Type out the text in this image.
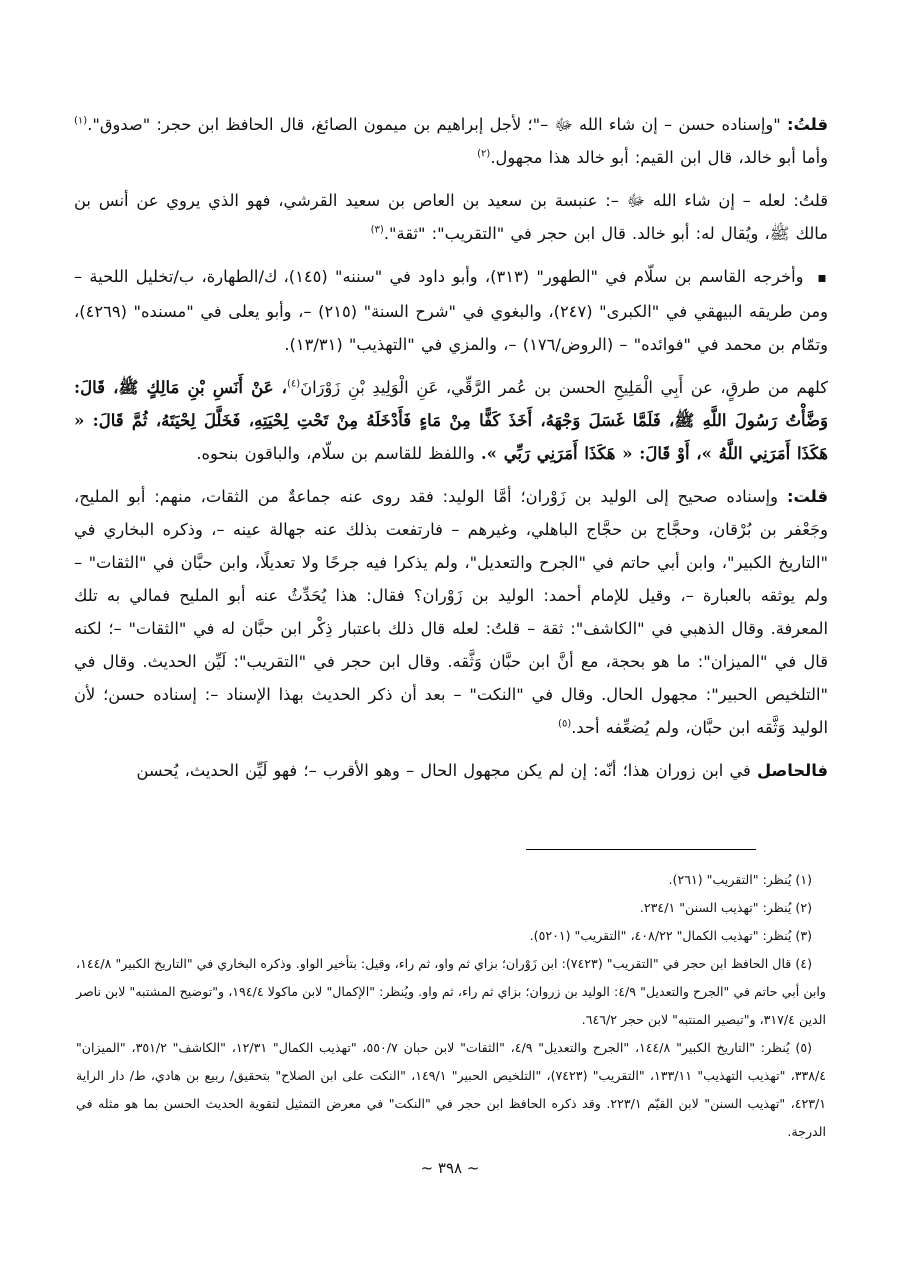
قلتُ: "وإسناده حسن – إن شاء الله ﷻ –"؛ لأجل إبراهيم بن ميمون الصائغ، قال الحافظ ابن حجر: "صدوق".$^{(١)}$ وأما أبو خالد، قال ابن القيم: أبو خالد هذا مجهول.$^{(٢)}$

قلتُ: لعله – إن شاء الله ﷻ –: عنبسة بن سعيد بن العاص بن سعيد القرشي، فهو الذي يروي عن أنس بن مالك ﷺ، ويُقال له: أبو خالد. قال ابن حجر في "التقريب": "ثقة".$^{(٣)}$

▪ وأخرجه القاسم بن سلّام في "الطهور" (٣١٣)، وأبو داود في "سننه" (١٤٥)، ك/الطهارة، ب/تخليل اللحية – ومن طريقه البيهقي في "الكبرى" (٢٤٧)، والبغوي في "شرح السنة" (٢١٥) –، وأبو يعلى في "مسنده" (٤٢٦٩)، وتمّام بن محمد في "فوائده" – (الروض/١٧٦) –، والمزي في "التهذيب" (١٣/٣١).

كلهم من طرقٍ، عن أَبِي الْمَلِيحِ الحسن بن عُمر الرَّقِّي، عَنِ الْوَلِيدِ بْنِ زَوْرَانَ$^{(٤)}$، عَنْ أَنَسِ بْنِ مَالِكٍ ﷺ، قَالَ: وَضَّأْتُ رَسُولَ اللَّهِ ﷺ، فَلَمَّا غَسَلَ وَجْهَهُ، أَخَذَ كَفًّا مِنْ مَاءٍ فَأَدْخَلَهُ مِنْ تَحْتِ لِحْيَتِهِ، فَخَلَّلَ لِحْيَتَهُ، ثُمَّ قَالَ: « هَكَذَا أَمَرَنِي اللَّهُ »، أَوْ قَالَ: « هَكَذَا أَمَرَنِي رَبِّي ». واللفظ للقاسم بن سلّام، والباقون بنحوه.

قلت: وإسناده صحيح إلى الوليد بن زَوْران؛ أمَّا الوليد: فقد روى عنه جماعةٌ من الثقات، منهم: أبو المليح، وجَعْفر بن بُرْقان، وحجَّاج بن حجَّاج الباهلي، وغيرهم – فارتفعت بذلك عنه جهالة عينه –، وذكره البخاري في "التاريخ الكبير"، وابن أبي حاتم في "الجرح والتعديل"، ولم يذكرا فيه جرحًا ولا تعديلًا، وابن حبَّان في "الثقات" – ولم يوثقه بالعبارة –، وقيل للإمام أحمد: الوليد بن زَوْران؟ فقال: هذا يُحَدِّثُ عنه أبو المليح فمالي به تلك المعرفة. وقال الذهبي في "الكاشف": ثقة – قلتُ: لعله قال ذلك باعتبار ذِكْر ابن حبَّان له في "الثقات" –؛ لكنه قال في "الميزان": ما هو بحجة، مع أنَّ ابن حبَّان وَثَّقه. وقال ابن حجر في "التقريب": لَيِّن الحديث. وقال في "التلخيص الحبير": مجهول الحال. وقال في "النكت" – بعد أن ذكر الحديث بهذا الإسناد –: إسناده حسن؛ لأن الوليد وَثَّقه ابن حبَّان، ولم يُضعِّفه أحد.$^{(٥)}$

فالحاصل في ابن زوران هذا؛ أنّه: إن لم يكن مجهول الحال – وهو الأقرب –؛ فهو لَيِّن الحديث، يُحسن

(١) يُنظر: "التقريب" (٢٦١).

(٢) يُنظر: "تهذيب السنن" ٢٣٤/١.

(٣) يُنظر: "تهذيب الكمال" ٤٠٨/٢٢، "التقريب" (٥٢٠١).

(٤) قال الحافظ ابن حجر في "التقريب" (٧٤٢٣): ابن زَوْران؛ بزاي ثم واو، ثم راء، وقيل: بتأخير الواو. وذكره البخاري في "التاريخ الكبير" ١٤٤/٨، وابن أبي حاتم في "الجرح والتعديل" ٤/٩: الوليد بن زروان؛ بزاي ثم راء، ثم واو. ويُنظر: "الإكمال" لابن ماكولا ١٩٤/٤، و"توضيح المشتبه" لابن ناصر الدين ٣١٧/٤، و"تبصير المنتبه" لابن حجر ٦٤٦/٢.

(٥) يُنظر: "التاريخ الكبير" ١٤٤/٨، "الجرح والتعديل" ٤/٩، "الثقات" لابن حبان ٥٥٠/٧، "تهذيب الكمال" ١٢/٣١، "الكاشف" ٣٥١/٢، "الميزان" ٣٣٨/٤، "تهذيب التهذيب" ١٣٣/١١، "التقريب" (٧٤٢٣)، "التلخيص الحبير" ١٤٩/١، "النكت على ابن الصلاح" بتحقيق/ ربيع بن هادي، ط/ دار الراية ٤٢٣/١، "تهذيب السنن" لابن القيّم ٢٢٣/١. وقد ذكره الحافظ ابن حجر في "النكت" في معرض التمثيل لتقوية الحديث الحسن بما هو مثله في الدرجة.

~ ٣٩٨ ~
